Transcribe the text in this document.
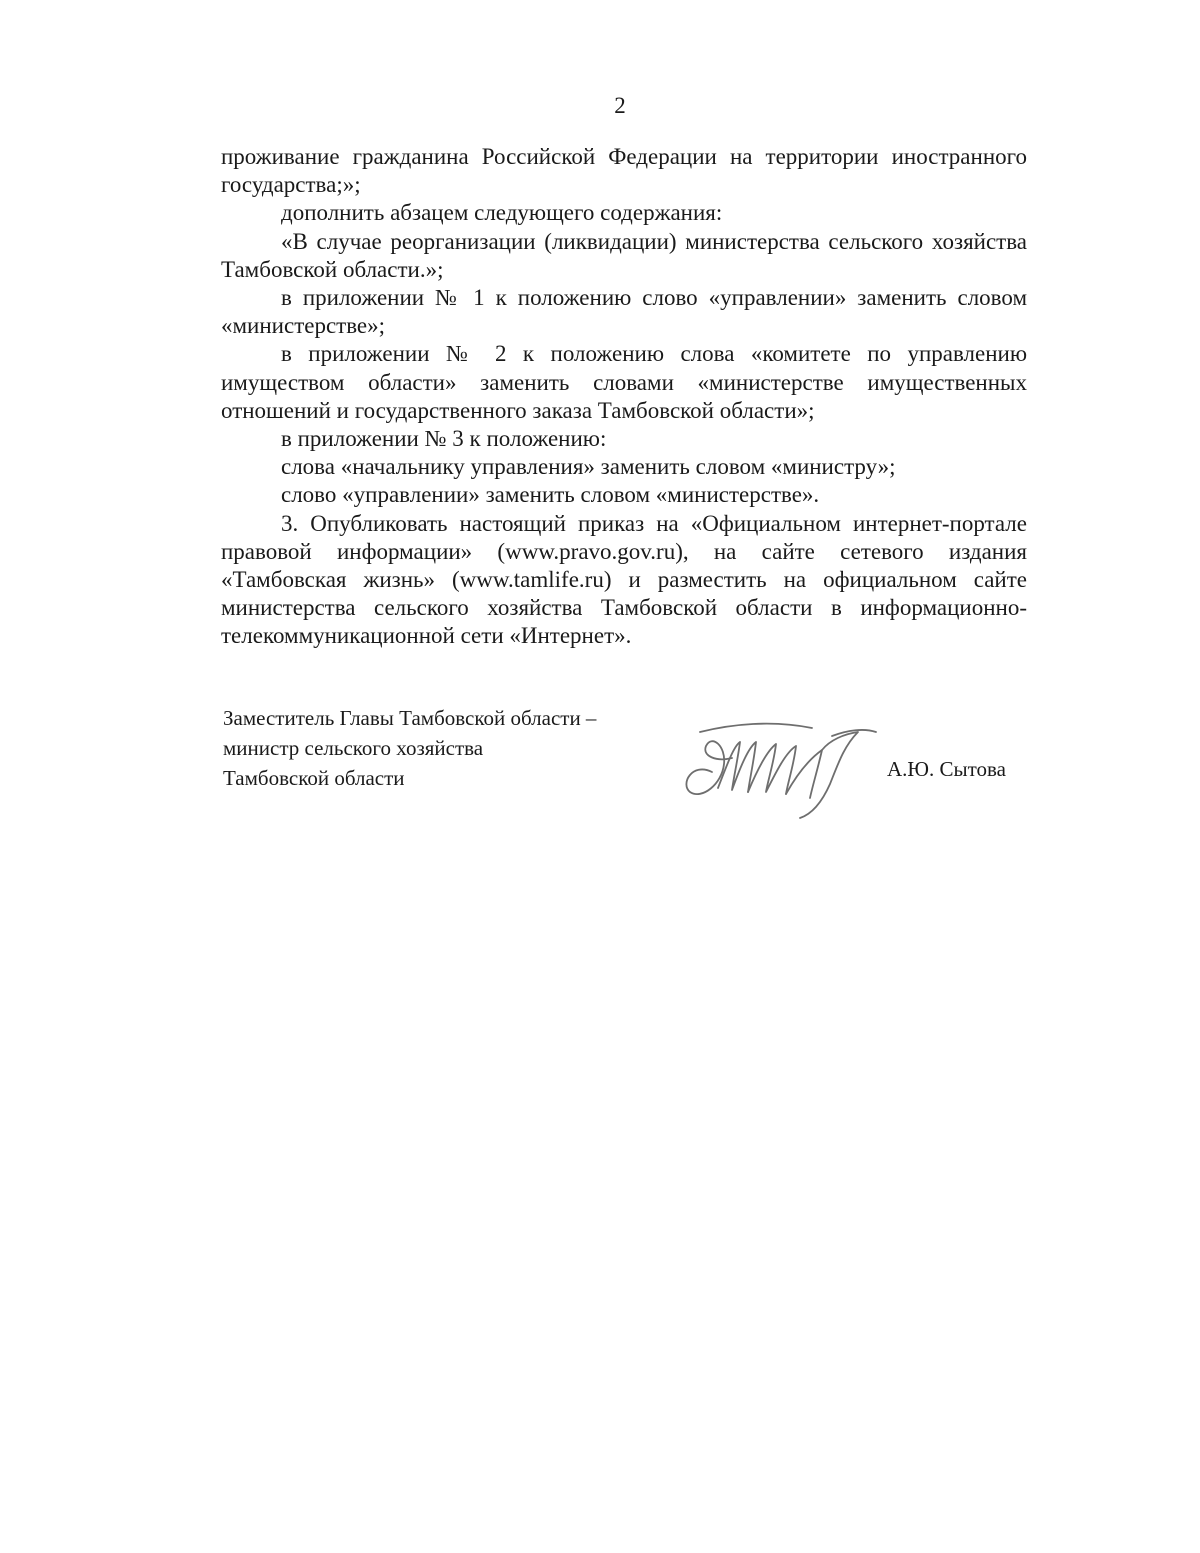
2

проживание гражданина Российской Федерации на территории иностранного государства;»;

дополнить абзацем следующего содержания:

«В случае реорганизации (ликвидации) министерства сельского хозяйства Тамбовской области.»;

в приложении № 1 к положению слово «управлении» заменить словом «министерстве»;

в приложении № 2 к положению слова «комитете по управлению имуществом области» заменить словами «министерстве имущественных отношений и государственного заказа Тамбовской области»;

в приложении № 3 к положению:

слова «начальнику управления» заменить словом «министру»;

слово «управлении» заменить словом «министерстве».

3. Опубликовать настоящий приказ на «Официальном интернет-портале правовой информации» (www.pravo.gov.ru), на сайте сетевого издания «Тамбовская жизнь» (www.tamlife.ru) и разместить на официальном сайте министерства сельского хозяйства Тамбовской области в информационно-телекоммуникационной сети «Интернет».

Заместитель Главы Тамбовской области –
министр сельского хозяйства
Тамбовской области	А.Ю. Сытова
